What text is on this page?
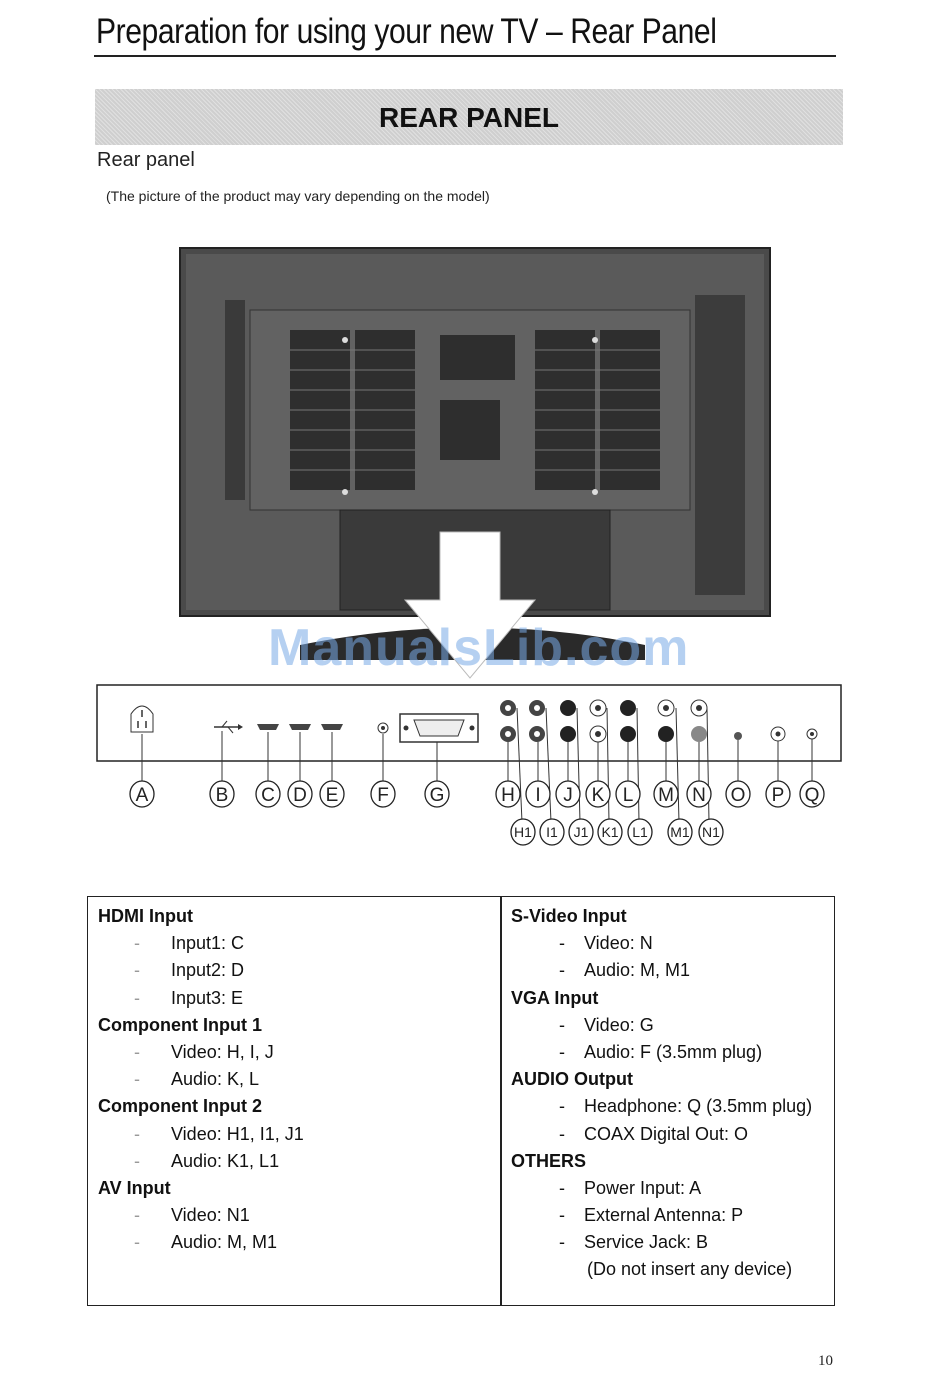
Preparation for using your new TV – Rear Panel
REAR PANEL
Rear panel
(The picture of the product may vary depending on the model)
ManualsLib.com
A	B C D E F G	H I J K L M N O P Q
H1 I1 J1 K1 L1 M1 N1
HDMI Input
- Input1: C
- Input2: D
- Input3: E
Component Input 1
- Video: H, I, J
- Audio: K, L
Component Input 2
- Video: H1, I1, J1
- Audio: K1, L1
AV Input
- Video: N1
- Audio: M, M1
S-Video Input
- Video: N
- Audio: M, M1
VGA Input
- Video: G
- Audio: F (3.5mm plug)
AUDIO Output
- Headphone: Q (3.5mm plug)
- COAX Digital Out: O
OTHERS
- Power Input: A
- External Antenna: P
- Service Jack: B
(Do not insert any device)
10
